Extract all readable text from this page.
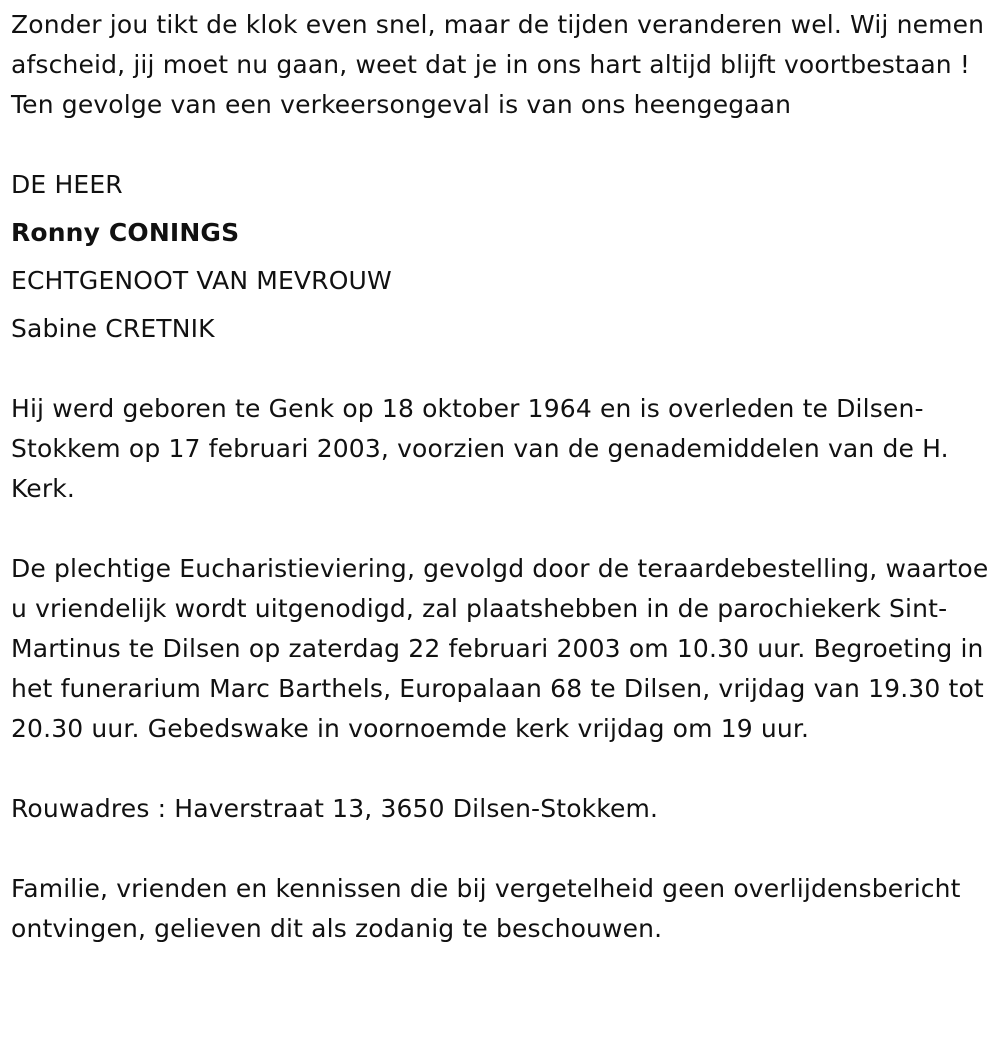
Zonder jou tikt de klok even snel, maar de tijden veranderen wel. Wij nemen afscheid, jij moet nu gaan, weet dat je in ons hart altijd blijft voortbestaan ! Ten gevolge van een verkeersongeval is van ons heengegaan

DE HEER

Ronny CONINGS

ECHTGENOOT VAN MEVROUW

Sabine CRETNIK

Hij werd geboren te Genk op 18 oktober 1964 en is overleden te Dilsen-Stokkem op 17 februari 2003, voorzien van de genademiddelen van de H. Kerk.

De plechtige Eucharistieviering, gevolgd door de teraardebestelling, waartoe u vriendelijk wordt uitgenodigd, zal plaatshebben in de parochiekerk Sint-Martinus te Dilsen op zaterdag 22 februari 2003 om 10.30 uur. Begroeting in het funerarium Marc Barthels, Europalaan 68 te Dilsen, vrijdag van 19.30 tot 20.30 uur. Gebedswake in voornoemde kerk vrijdag om 19 uur.

Rouwadres : Haverstraat 13, 3650 Dilsen-Stokkem.

Familie, vrienden en kennissen die bij vergetelheid geen overlijdensbericht ontvingen, gelieven dit als zodanig te beschouwen.
